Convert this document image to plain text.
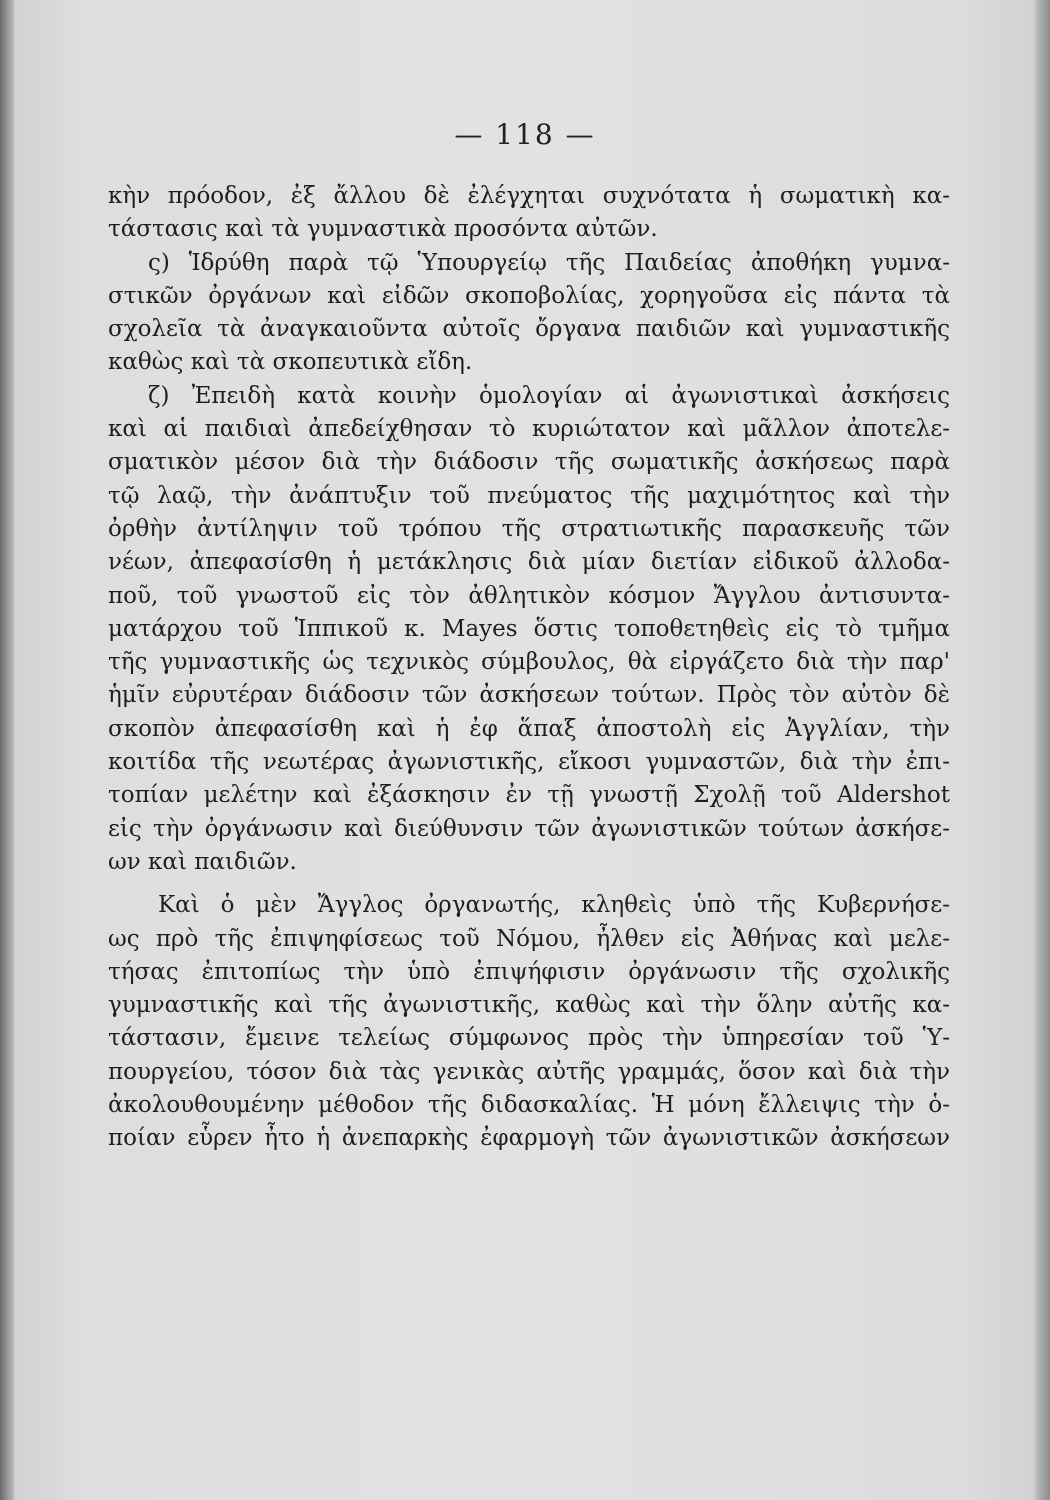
— 118 —
κὴν πρόοδον, ἐξ ἄλλου δὲ ἐλέγχηται συχνότατα ἡ σωματικὴ κα-
τάστασις καὶ τὰ γυμναστικὰ προσόντα αὐτῶν.
ς) Ἱδρύθη παρὰ τῷ Ὑπουργείῳ τῆς Παιδείας ἀποθήκη γυμνα-
στικῶν ὀργάνων καὶ εἰδῶν σκοποβολίας, χορηγοῦσα εἰς πάντα τὰ
σχολεῖα τὰ ἀναγκαιοῦντα αὐτοῖς ὄργανα παιδιῶν καὶ γυμναστικῆς
καθὼς καὶ τὰ σκοπευτικὰ εἴδη.
ζ) Ἐπειδὴ κατὰ κοινὴν ὁμολογίαν αἱ ἀγωνιστικαὶ ἀσκήσεις
καὶ αἱ παιδιαὶ ἀπεδείχθησαν τὸ κυριώτατον καὶ μᾶλλον ἀποτελε-
σματικὸν μέσον διὰ τὴν διάδοσιν τῆς σωματικῆς ἀσκήσεως παρὰ
τῷ λαῷ, τὴν ἀνάπτυξιν τοῦ πνεύματος τῆς μαχιμότητος καὶ τὴν
ὀρθὴν ἀντίληψιν τοῦ τρόπου τῆς στρατιωτικῆς παρασκευῆς τῶν
νέων, ἀπεφασίσθη ἡ μετάκλησις διὰ μίαν διετίαν εἰδικοῦ ἀλλοδα-
ποῦ, τοῦ γνωστοῦ εἰς τὸν ἀθλητικὸν κόσμον Ἄγγλου ἀντισυντα-
ματάρχου τοῦ Ἱππικοῦ κ. Mayes ὅστις τοποθετηθεὶς εἰς τὸ τμῆμα
τῆς γυμναστικῆς ὡς τεχνικὸς σύμβουλος, θὰ εἰργάζετο διὰ τὴν παρ'
ἡμῖν εὐρυτέραν διάδοσιν τῶν ἀσκήσεων τούτων. Πρὸς τὸν αὐτὸν δὲ
σκοπὸν ἀπεφασίσθη καὶ ἡ ἐφ ἅπαξ ἀποστολὴ εἰς Ἀγγλίαν, τὴν
κοιτίδα τῆς νεωτέρας ἀγωνιστικῆς, εἴκοσι γυμναστῶν, διὰ τὴν ἐπι-
τοπίαν μελέτην καὶ ἐξάσκησιν ἐν τῇ γνωστῇ Σχολῇ τοῦ Aldershot
εἰς τὴν ὀργάνωσιν καὶ διεύθυνσιν τῶν ἀγωνιστικῶν τούτων ἀσκήσε-
ων καὶ παιδιῶν.
Καὶ ὁ μὲν Ἄγγλος ὀργανωτής, κληθεὶς ὑπὸ τῆς Κυβερνήσε-
ως πρὸ τῆς ἐπιψηφίσεως τοῦ Νόμου, ἦλθεν εἰς Ἀθήνας καὶ μελε-
τήσας ἐπιτοπίως τὴν ὑπὸ ἐπιψήφισιν ὀργάνωσιν τῆς σχολικῆς
γυμναστικῆς καὶ τῆς ἀγωνιστικῆς, καθὼς καὶ τὴν ὅλην αὐτῆς κα-
τάστασιν, ἔμεινε τελείως σύμφωνος πρὸς τὴν ὑπηρεσίαν τοῦ Ὑ-
πουργείου, τόσον διὰ τὰς γενικὰς αὐτῆς γραμμάς, ὅσον καὶ διὰ τὴν
ἀκολουθουμένην μέθοδον τῆς διδασκαλίας. Ἡ μόνη ἔλλειψις τὴν ὁ-
ποίαν εὗρεν ἦτο ἡ ἀνεπαρκὴς ἐφαρμογὴ τῶν ἀγωνιστικῶν ἀσκήσεων
